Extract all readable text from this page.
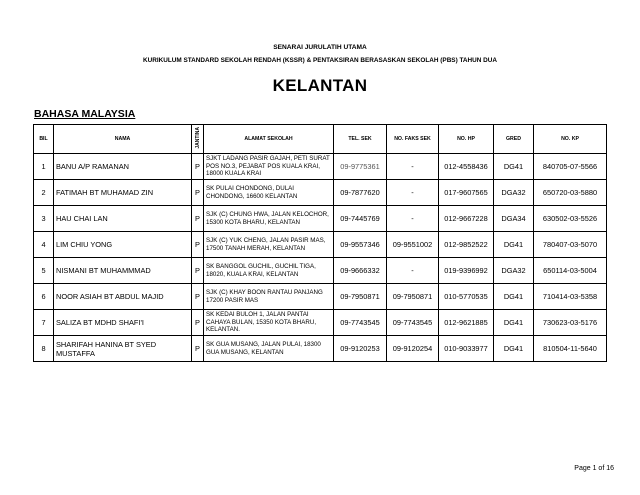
SENARAI JURULATIH UTAMA
KURIKULUM STANDARD SEKOLAH RENDAH (KSSR) & PENTAKSIRAN BERASASKAN SEKOLAH (PBS) TAHUN DUA
KELANTAN
BAHASA MALAYSIA
BIL	NAMA	JANTINA	ALAMAT SEKOLAH	TEL. SEK	NO. FAKS SEK	NO. HP	GRED	NO. KP
1	BANU A/P RAMANAN	P	SJKT LADANG PASIR GAJAH, PETI SURAT POS NO.3, PEJABAT POS KUALA KRAI, 18000 KUALA KRAI	09-9775361	-	012-4558436	DG41	840705-07-5566
2	FATIMAH BT MUHAMAD ZIN	P	SK PULAI CHONDONG, DULAI CHONDONG, 16600 KELANTAN	09-7877620	-	017-9607565	DGA32	650720-03-5880
3	HAU CHAI LAN	P	SJK (C) CHUNG HWA, JALAN KELOCHOR, 15300 KOTA BHARU, KELANTAN	09-7445769	-	012-9667228	DGA34	630502-03-5526
4	LIM CHIU YONG	P	SJK (C) YUK CHENG, JALAN PASIR MAS, 17500 TANAH MERAH, KELANTAN	09-9557346	09-9551002	012-9852522	DG41	780407-03-5070
5	NISMANI BT MUHAMMMAD	P	SK BANGGOL GUCHIL, GUCHIL TIGA, 18020, KUALA KRAI, KELANTAN	09-9666332	-	019-9396992	DGA32	650114-03-5004
6	NOOR ASIAH BT ABDUL MAJID	P	SJK (C) KHAY BOON RANTAU PANJANG 17200 PASIR MAS	09-7950871	09-7950871	010-5770535	DG41	710414-03-5358
7	SALIZA BT MDHD SHAFI'I	P	SK KEDAI BULOH 1, JALAN PANTAI CAHAYA BULAN, 15350 KOTA BHARU, KELANTAN.	09-7743545	09-7743545	012-9621885	DG41	730623-03-5176
8	SHARIFAH HANINA BT SYED MUSTAFFA	P	SK GUA MUSANG, JALAN PULAI, 18300 GUA MUSANG, KELANTAN	09-9120253	09-9120254	010-9033977	DG41	810504-11-5640
Page 1 of 16
